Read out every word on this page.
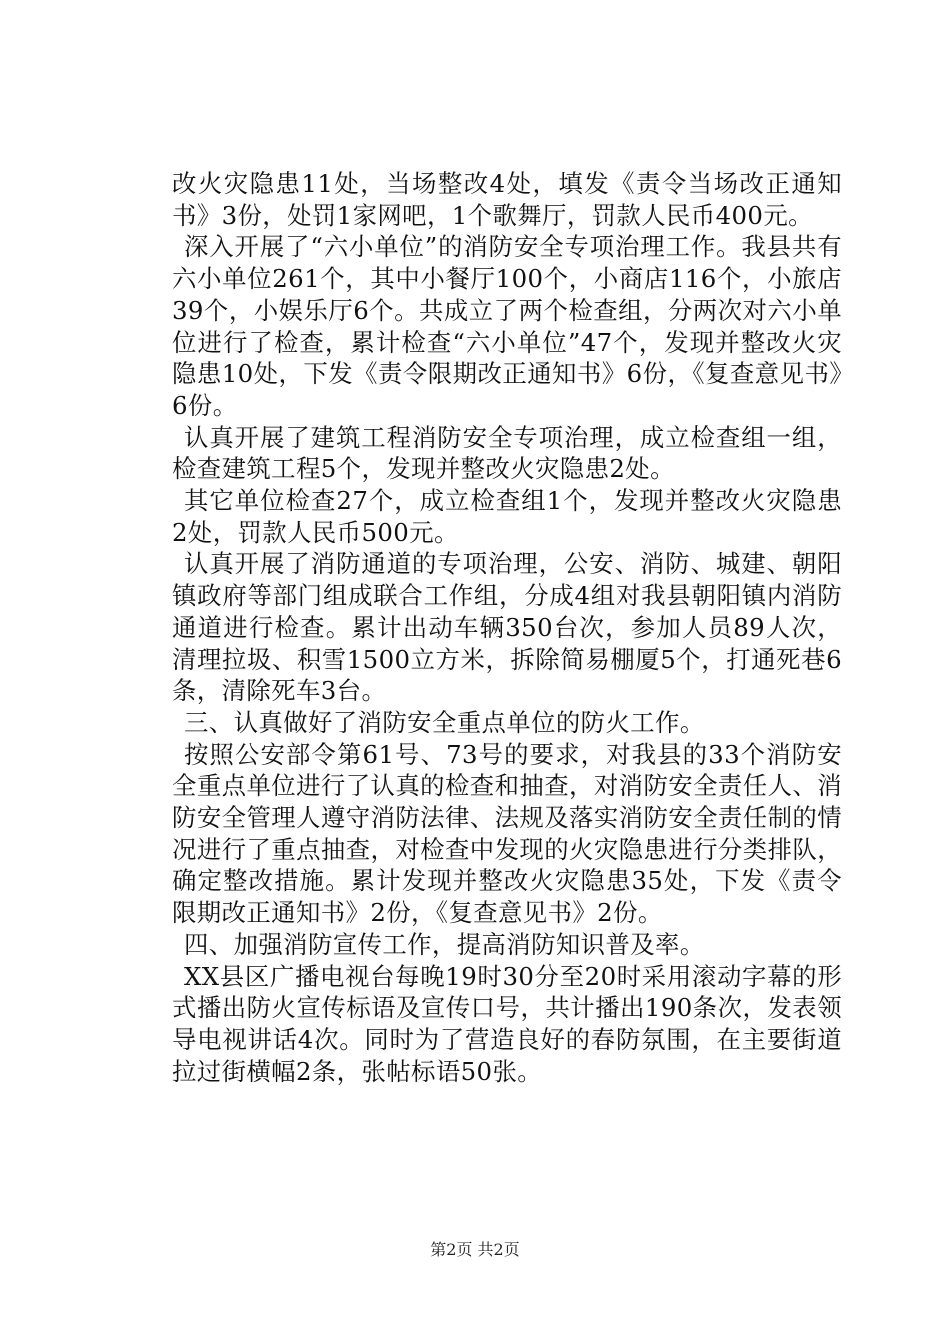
改火灾隐患11处，当场整改4处，填发《责令当场改正通知书》3份，处罚1家网吧，1个歌舞厅，罚款人民币400元。

深入开展了“六小单位”的消防安全专项治理工作。我县共有六小单位261个，其中小餐厅100个，小商店116个，小旅店39个，小娱乐厅6个。共成立了两个检查组，分两次对六小单位进行了检查，累计检查“六小单位”47个，发现并整改火灾隐患10处，下发《责令限期改正通知书》6份，《复查意见书》6份。

认真开展了建筑工程消防安全专项治理，成立检查组一组，检查建筑工程5个，发现并整改火灾隐患2处。

其它单位检查27个，成立检查组1个，发现并整改火灾隐患2处，罚款人民币500元。

认真开展了消防通道的专项治理，公安、消防、城建、朝阳镇政府等部门组成联合工作组，分成4组对我县朝阳镇内消防通道进行检查。累计出动车辆350台次，参加人员89人次，清理拉圾、积雪1500立方米，拆除简易棚厦5个，打通死巷6条，清除死车3台。

三、认真做好了消防安全重点单位的防火工作。

按照公安部令第61号、73号的要求，对我县的33个消防安全重点单位进行了认真的检查和抽查，对消防安全责任人、消防安全管理人遵守消防法律、法规及落实消防安全责任制的情况进行了重点抽查，对检查中发现的火灾隐患进行分类排队，确定整改措施。累计发现并整改火灾隐患35处，下发《责令限期改正通知书》2份，《复查意见书》2份。

四、加强消防宣传工作，提高消防知识普及率。

XX县区广播电视台每晚19时30分至20时采用滚动字幕的形式播出防火宣传标语及宣传口号，共计播出190条次，发表领导电视讲话4次。同时为了营造良好的春防氛围，在主要街道拉过街横幅2条，张帖标语50张。

第2页 共2页
